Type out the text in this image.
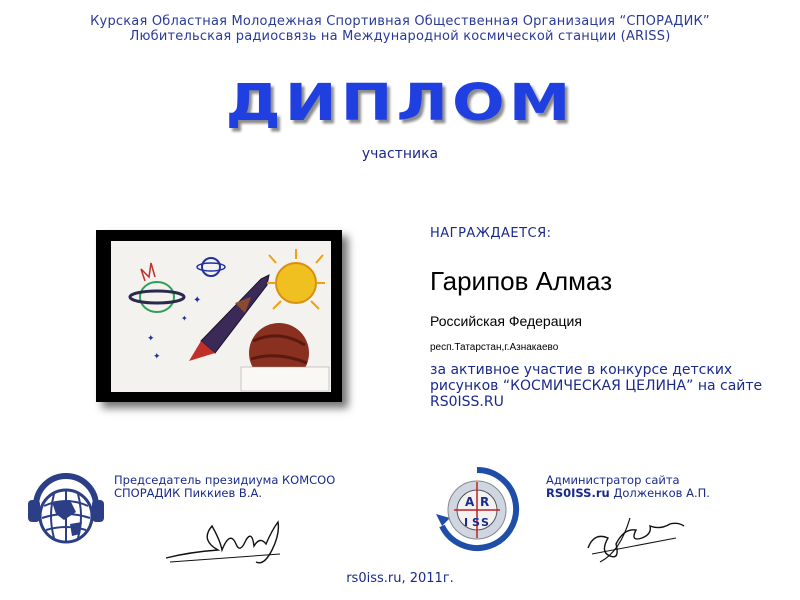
Курская Областная Молодежная Спортивная Общественная Организация “СПОРАДИК”
Любительская радиосвязь на Международной космической станции (ARISS)
ДИПЛОМ
участника
✦
✦
✦
✦
НАГРАЖДАЕТСЯ:
Гарипов Алмаз
Российская Федерация
респ.Татарстан,г.Азнакаево
за активное участие в конкурсе детских рисунков “КОСМИЧЕСКАЯ ЦЕЛИНА” на сайте RS0ISS.RU
Председатель президиума КОМСОО
СПОРАДИК Пиккиев В.А.
A R
I S S
Администратор сайта
RS0ISS.ru Долженков А.П.
rs0iss.ru, 2011г.
